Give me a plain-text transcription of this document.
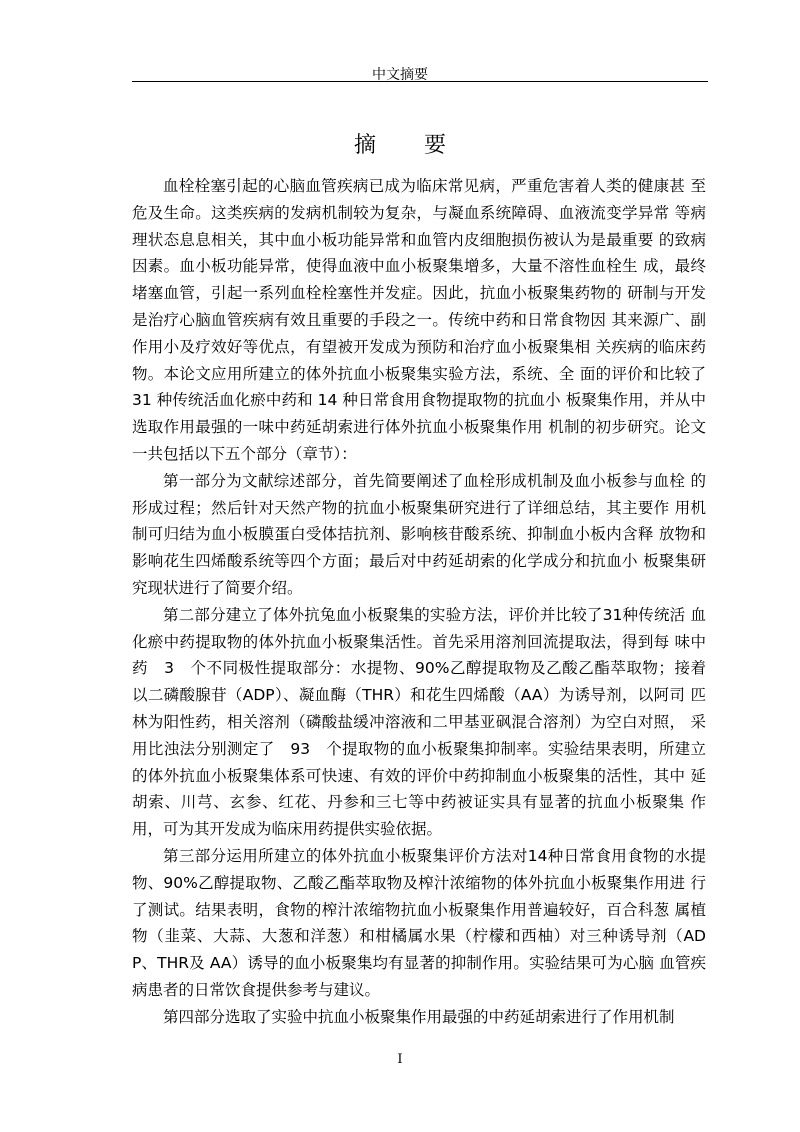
中文摘要
摘 要

血栓栓塞引起的心脑血管疾病已成为临床常见病，严重危害着人类的健康甚 至危及生命。这类疾病的发病机制较为复杂，与凝血系统障碍、血液流变学异常 等病理状态息息相关，其中血小板功能异常和血管内皮细胞损伤被认为是最重要 的致病因素。血小板功能异常，使得血液中血小板聚集增多，大量不溶性血栓生 成，最终堵塞血管，引起一系列血栓栓塞性并发症。因此，抗血小板聚集药物的 研制与开发是治疗心脑血管疾病有效且重要的手段之一。传统中药和日常食物因 其来源广、副作用小及疗效好等优点，有望被开发成为预防和治疗血小板聚集相 关疾病的临床药物。本论文应用所建立的体外抗血小板聚集实验方法，系统、全 面的评价和比较了 31 种传统活血化瘀中药和 14 种日常食用食物提取物的抗血小 板聚集作用，并从中选取作用最强的一味中药延胡索进行体外抗血小板聚集作用 机制的初步研究。论文一共包括以下五个部分（章节）：

第一部分为文献综述部分，首先简要阐述了血栓形成机制及血小板参与血栓 的形成过程；然后针对天然产物的抗血小板聚集研究进行了详细总结，其主要作 用机制可归结为血小板膜蛋白受体拮抗剂、影响核苷酸系统、抑制血小板内含释 放物和影响花生四烯酸系统等四个方面；最后对中药延胡索的化学成分和抗血小 板聚集研究现状进行了简要介绍。

第二部分建立了体外抗兔血小板聚集的实验方法，评价并比较了31种传统活 血化瘀中药提取物的体外抗血小板聚集活性。首先采用溶剂回流提取法，得到每 味中药　3　个不同极性提取部分：水提物、90%乙醇提取物及乙酸乙酯萃取物；接着 以二磷酸腺苷（ADP）、凝血酶（THR）和花生四烯酸（AA）为诱导剂，以阿司 匹林为阳性药，相关溶剂（磷酸盐缓冲溶液和二甲基亚砜混合溶剂）为空白对照， 采用比浊法分别测定了　93　个提取物的血小板聚集抑制率。实验结果表明，所建立 的体外抗血小板聚集体系可快速、有效的评价中药抑制血小板聚集的活性，其中 延胡索、川芎、玄参、红花、丹参和三七等中药被证实具有显著的抗血小板聚集 作用，可为其开发成为临床用药提供实验依据。

第三部分运用所建立的体外抗血小板聚集评价方法对14种日常食用食物的水提物、90%乙醇提取物、乙酸乙酯萃取物及榨汁浓缩物的体外抗血小板聚集作用进 行了测试。结果表明，食物的榨汁浓缩物抗血小板聚集作用普遍较好，百合科葱 属植物（韭菜、大蒜、大葱和洋葱）和柑橘属水果（柠檬和西柚）对三种诱导剂（ADP、THR及 AA）诱导的血小板聚集均有显著的抑制作用。实验结果可为心脑 血管疾病患者的日常饮食提供参考与建议。

第四部分选取了实验中抗血小板聚集作用最强的中药延胡索进行了作用机制

I
